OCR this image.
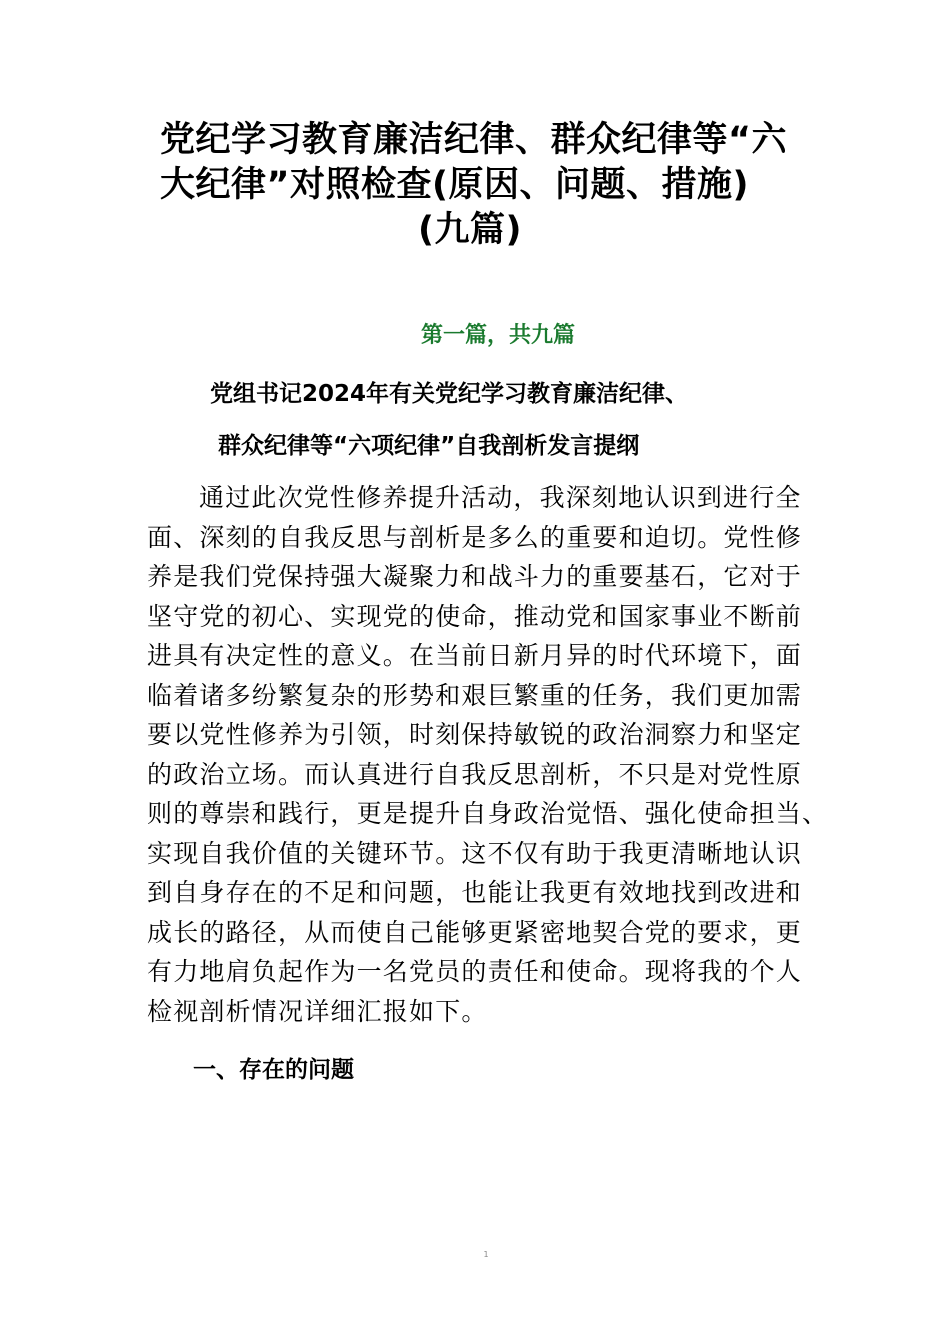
党纪学习教育廉洁纪律、群众纪律等“六
大纪律”对照检查(原因、问题、措施)
(九篇)
第一篇，共九篇
党组书记2024年有关党纪学习教育廉洁纪律、
群众纪律等“六项纪律”自我剖析发言提纲
通过此次党性修养提升活动，我深刻地认识到进行全
面、深刻的自我反思与剖析是多么的重要和迫切。党性修
养是我们党保持强大凝聚力和战斗力的重要基石，它对于
坚守党的初心、实现党的使命，推动党和国家事业不断前
进具有决定性的意义。在当前日新月异的时代环境下，面
临着诸多纷繁复杂的形势和艰巨繁重的任务，我们更加需
要以党性修养为引领，时刻保持敏锐的政治洞察力和坚定
的政治立场。而认真进行自我反思剖析，不只是对党性原
则的尊崇和践行，更是提升自身政治觉悟、强化使命担当、
实现自我价值的关键环节。这不仅有助于我更清晰地认识
到自身存在的不足和问题，也能让我更有效地找到改进和
成长的路径，从而使自己能够更紧密地契合党的要求，更
有力地肩负起作为一名党员的责任和使命。现将我的个人
检视剖析情况详细汇报如下。
一、存在的问题
1
